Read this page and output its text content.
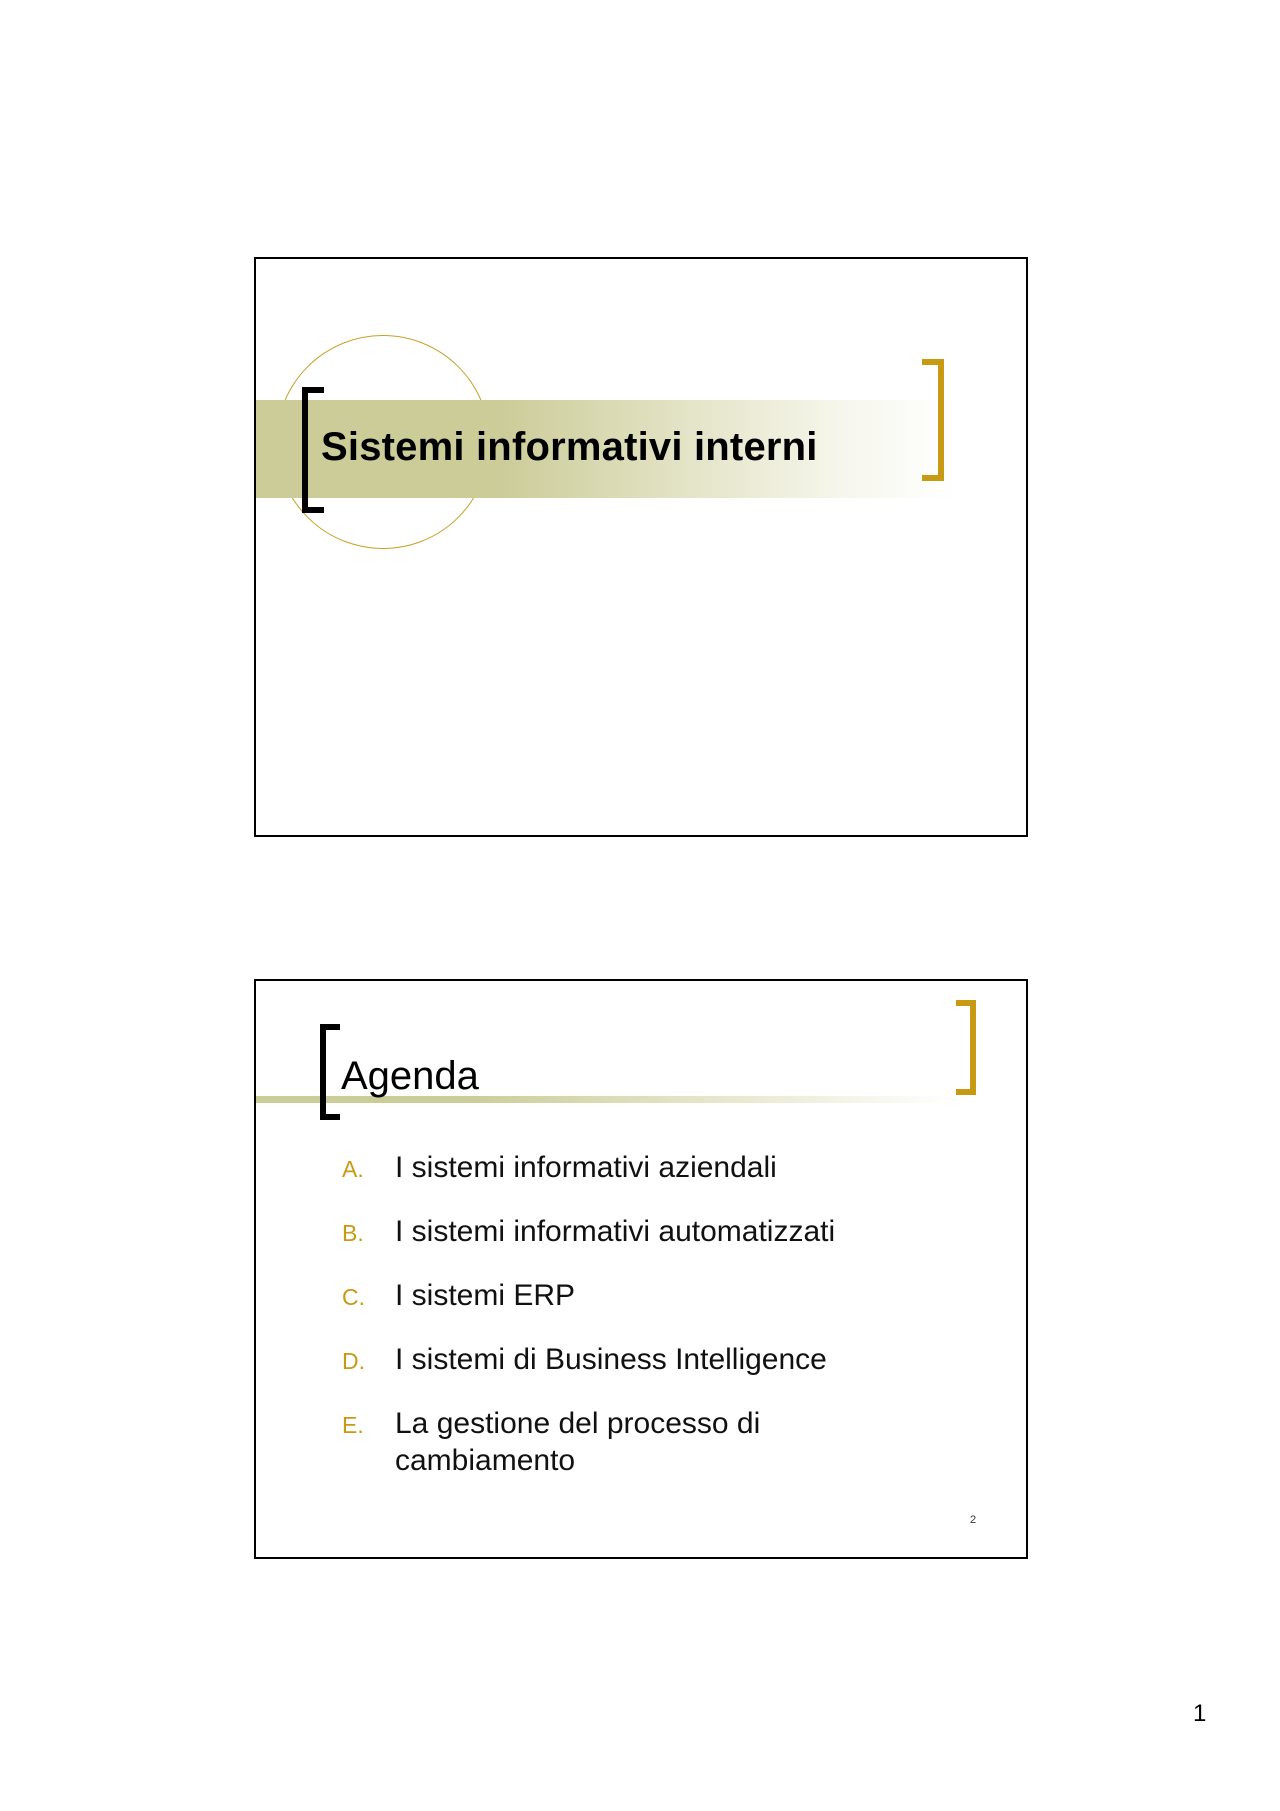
Sistemi informativi interni
Agenda
A.	I sistemi informativi aziendali
B.	I sistemi informativi automatizzati
C.	I sistemi ERP
D.	I sistemi di Business Intelligence
E.	La gestione del processo di cambiamento
2
1
